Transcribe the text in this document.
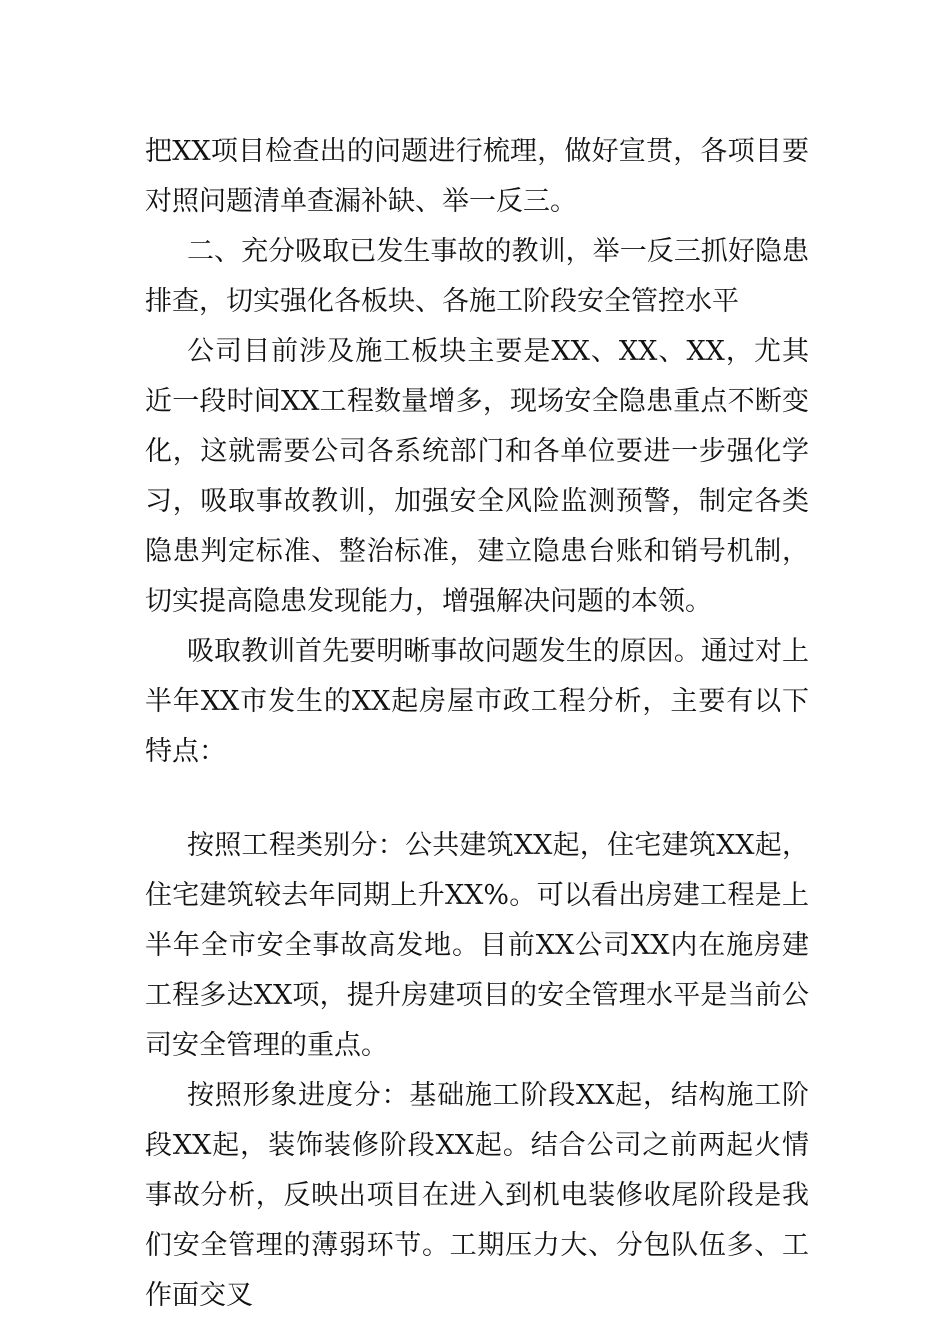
把XX项目检查出的问题进行梳理，做好宣贯，各项目要对照问题清单查漏补缺、举一反三。

二、充分吸取已发生事故的教训，举一反三抓好隐患排查，切实强化各板块、各施工阶段安全管控水平

公司目前涉及施工板块主要是XX、XX、XX，尤其近一段时间XX工程数量增多，现场安全隐患重点不断变化，这就需要公司各系统部门和各单位要进一步强化学习，吸取事故教训，加强安全风险监测预警，制定各类隐患判定标准、整治标准，建立隐患台账和销号机制，切实提高隐患发现能力，增强解决问题的本领。

吸取教训首先要明晰事故问题发生的原因。通过对上半年XX市发生的XX起房屋市政工程分析，主要有以下特点：

按照工程类别分：公共建筑XX起，住宅建筑XX起，住宅建筑较去年同期上升XX%。可以看出房建工程是上半年全市安全事故高发地。目前XX公司XX内在施房建工程多达XX项，提升房建项目的安全管理水平是当前公司安全管理的重点。

按照形象进度分：基础施工阶段XX起，结构施工阶段XX起，装饰装修阶段XX起。结合公司之前两起火情事故分析，反映出项目在进入到机电装修收尾阶段是我们安全管理的薄弱环节。工期压力大、分包队伍多、工作面交叉
